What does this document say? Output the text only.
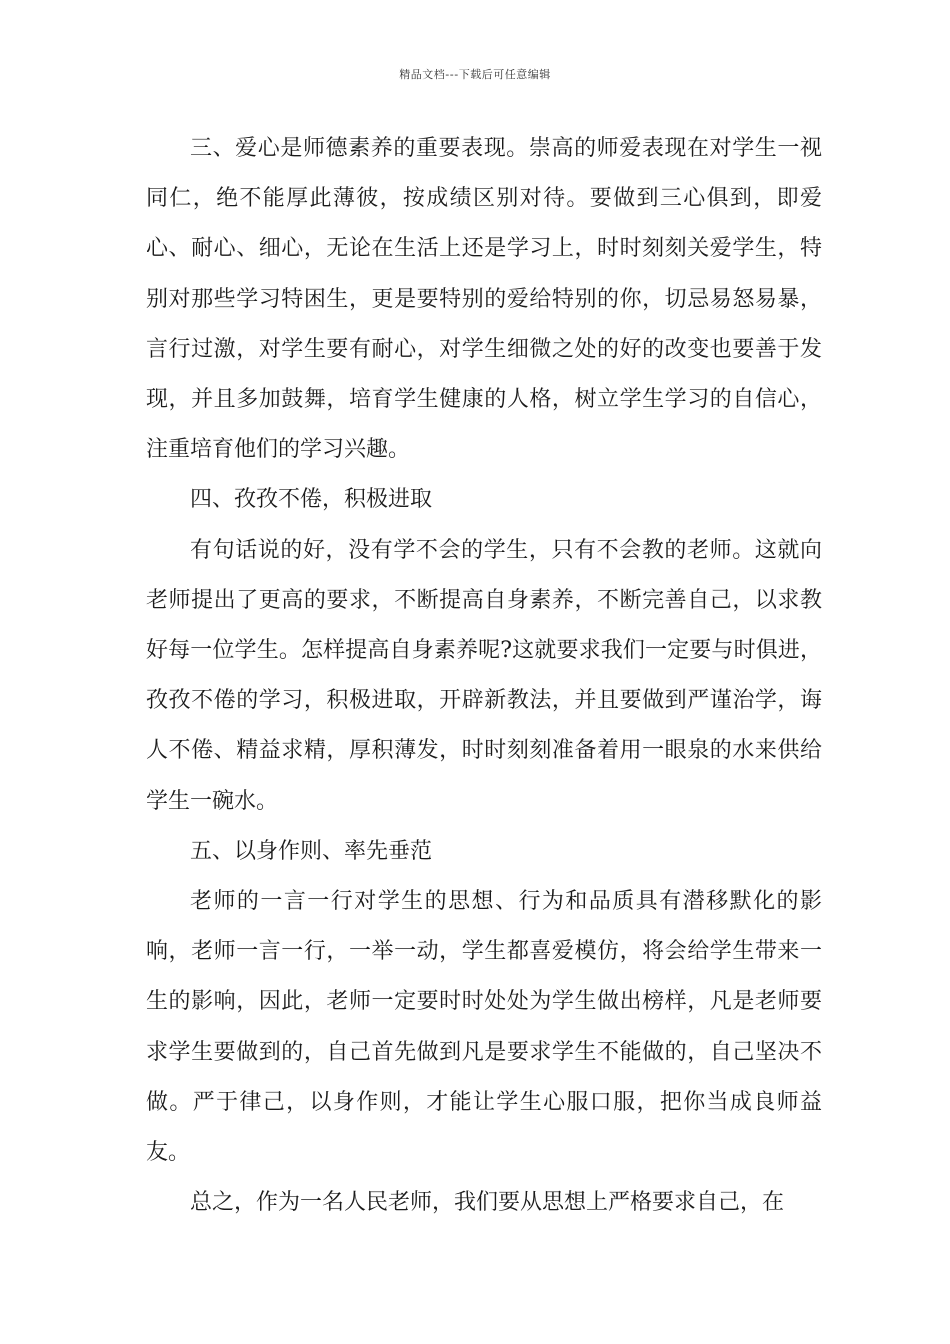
精品文档---下载后可任意编辑

三、爱心是师德素养的重要表现。崇高的师爱表现在对学生一视同仁，绝不能厚此薄彼，按成绩区别对待。要做到三心俱到，即爱心、耐心、细心，无论在生活上还是学习上，时时刻刻关爱学生，特别对那些学习特困生，更是要特别的爱给特别的你，切忌易怒易暴，言行过激，对学生要有耐心，对学生细微之处的好的改变也要善于发现，并且多加鼓舞，培育学生健康的人格，树立学生学习的自信心，注重培育他们的学习兴趣。

四、孜孜不倦，积极进取

有句话说的好，没有学不会的学生，只有不会教的老师。这就向老师提出了更高的要求，不断提高自身素养，不断完善自己，以求教好每一位学生。怎样提高自身素养呢?这就要求我们一定要与时俱进，孜孜不倦的学习，积极进取，开辟新教法，并且要做到严谨治学，诲人不倦、精益求精，厚积薄发，时时刻刻准备着用一眼泉的水来供给学生一碗水。

五、以身作则、率先垂范

老师的一言一行对学生的思想、行为和品质具有潜移默化的影响，老师一言一行，一举一动，学生都喜爱模仿，将会给学生带来一生的影响，因此，老师一定要时时处处为学生做出榜样，凡是老师要求学生要做到的，自己首先做到凡是要求学生不能做的，自己坚决不做。严于律己，以身作则，才能让学生心服口服，把你当成良师益友。

总之，作为一名人民老师，我们要从思想上严格要求自己，在
